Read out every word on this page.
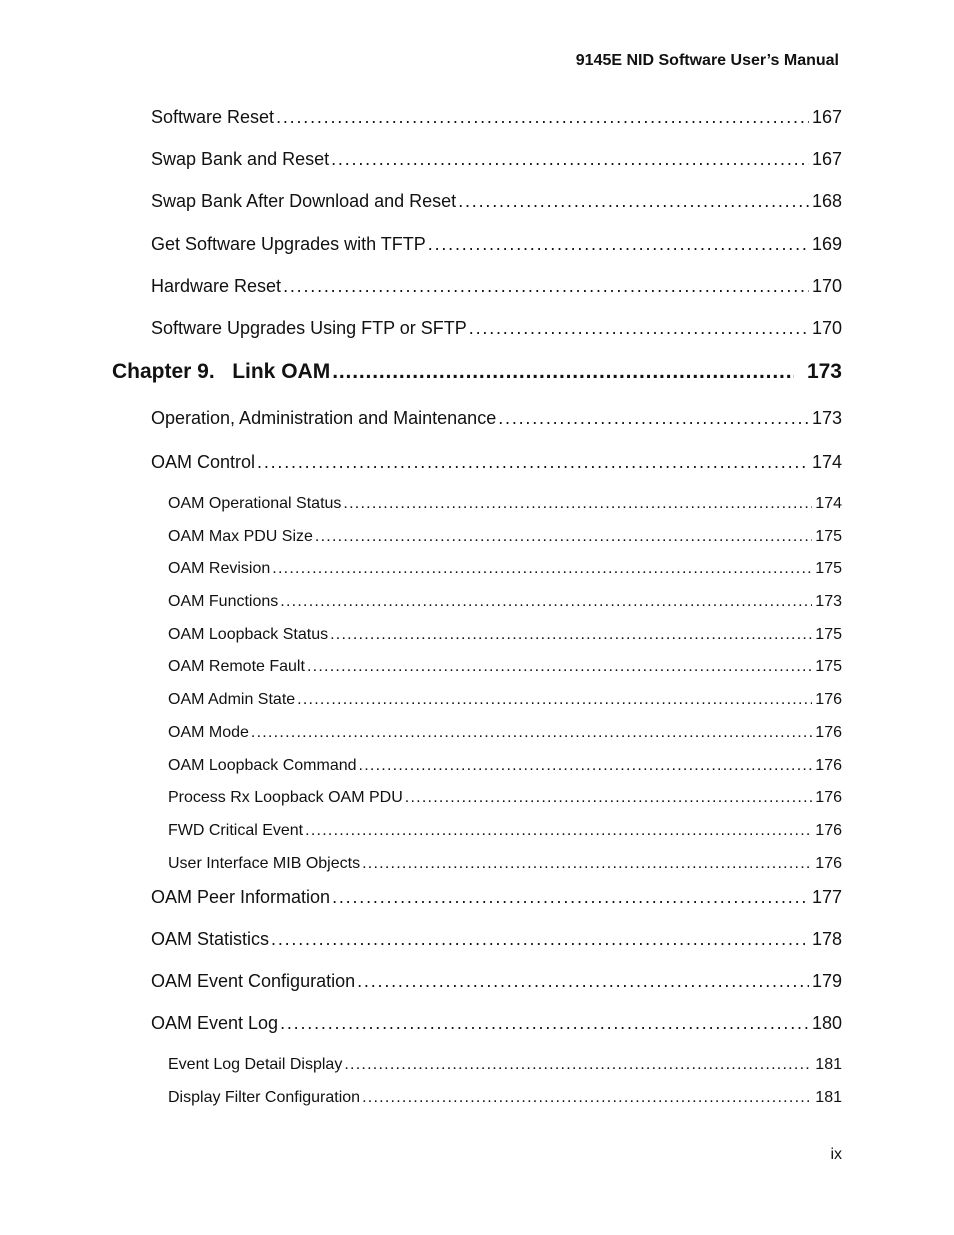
9145E NID Software User’s Manual
Software Reset . . .	167
Swap Bank and Reset . . .	167
Swap Bank After Download and Reset . . .	168
Get Software Upgrades with TFTP . . .	169
Hardware Reset . . .	170
Software Upgrades Using FTP or SFTP . . .	170
Chapter 9.   Link OAM . . .	173
Operation, Administration and Maintenance . . .	173
OAM Control . . .	174
OAM Operational Status . . .	174
OAM Max PDU Size . . .	175
OAM Revision . . .	175
OAM Functions . . .	173
OAM Loopback Status . . .	175
OAM Remote Fault . . .	175
OAM Admin State . . .	176
OAM Mode . . .	176
OAM Loopback Command . . .	176
Process Rx Loopback OAM PDU . . .	176
FWD Critical Event . . .	176
User Interface MIB Objects . . .	176
OAM Peer Information . . .	177
OAM Statistics . . .	178
OAM Event Configuration . . .	179
OAM Event Log . . .	180
Event Log Detail Display . . .	181
Display Filter Configuration . . .	181
ix
